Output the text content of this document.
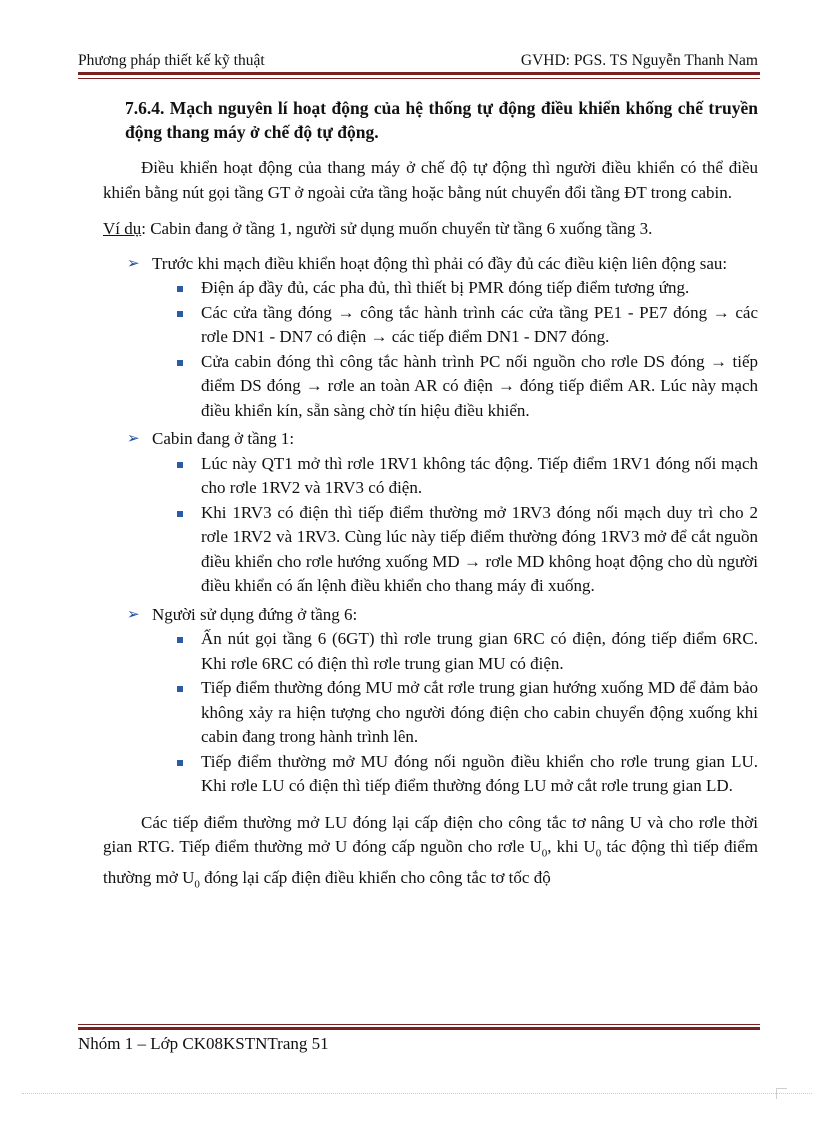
Phương pháp thiết kế kỹ thuật	GVHD: PGS. TS Nguyễn Thanh Nam
7.6.4. Mạch nguyên lí hoạt động của hệ thống tự động điều khiển khống chế truyền động thang máy ở chế độ tự động.

Điều khiển hoạt động của thang máy ở chế độ tự động thì người điều khiển có thể điều khiển bằng nút gọi tầng GT ở ngoài cửa tầng hoặc bằng nút chuyển đổi tầng ĐT trong cabin.

Ví dụ: Cabin đang ở tầng 1, người sử dụng muốn chuyển từ tầng 6 xuống tầng 3.

➢ Trước khi mạch điều khiển hoạt động thì phải có đầy đủ các điều kiện liên động sau:
Điện áp đầy đủ, các pha đủ, thì thiết bị PMR đóng tiếp điểm tương ứng.
Các cửa tầng đóng → công tắc hành trình các cửa tầng PE1 - PE7 đóng → các rơle DN1 - DN7 có điện → các tiếp điểm DN1 - DN7 đóng.
Cửa cabin đóng thì công tắc hành trình PC nối nguồn cho rơle DS đóng → tiếp điểm DS đóng → rơle an toàn AR có điện → đóng tiếp điểm AR. Lúc này mạch điều khiển kín, sẵn sàng chờ tín hiệu điều khiển.
➢ Cabin đang ở tầng 1:
Lúc này QT1 mở thì rơle 1RV1 không tác động. Tiếp điểm 1RV1 đóng nối mạch cho rơle 1RV2 và 1RV3 có điện.
Khi 1RV3 có điện thì tiếp điểm thường mở 1RV3 đóng nối mạch duy trì cho 2 rơle 1RV2 và 1RV3. Cùng lúc này tiếp điểm thường đóng 1RV3 mở để cắt nguồn điều khiển cho rơle hướng xuống MD → rơle MD không hoạt động cho dù người điều khiển có ấn lệnh điều khiển cho thang máy đi xuống.
➢ Người sử dụng đứng ở tầng 6:
Ấn nút gọi tầng 6 (6GT) thì rơle trung gian 6RC có điện, đóng tiếp điểm 6RC. Khi rơle 6RC có điện thì rơle trung gian MU có điện.
Tiếp điểm thường đóng MU mở cắt rơle trung gian hướng xuống MD để đảm bảo không xảy ra hiện tượng cho người đóng điện cho cabin chuyển động xuống khi cabin đang trong hành trình lên.
Tiếp điểm thường mở MU đóng nối nguồn điều khiển cho rơle trung gian LU. Khi rơle LU có điện thì tiếp điểm thường đóng LU mở cắt rơle trung gian LD.

Các tiếp điểm thường mở LU đóng lại cấp điện cho công tắc tơ nâng U và cho rơle thời gian RTG. Tiếp điểm thường mở U đóng cấp nguồn cho rơle $U_0$, khi $U_0$ tác động thì tiếp điểm thường mở $U_0$ đóng lại cấp điện điều khiển cho công tắc tơ tốc độ

Nhóm 1 – Lớp CK08KSTNTrang 51
